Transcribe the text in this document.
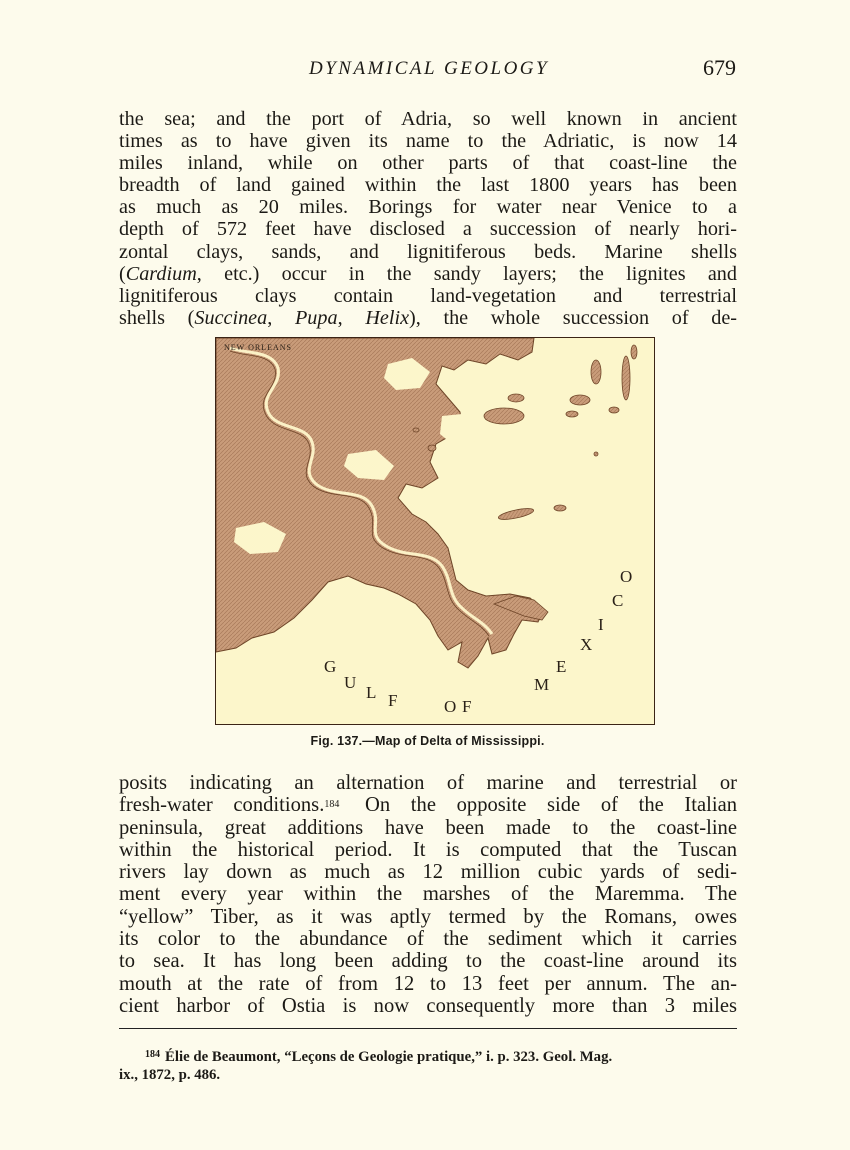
DYNAMICAL GEOLOGY	679
the sea; and the port of Adria, so well known in ancient
times as to have given its name to the Adriatic, is now 14
miles inland, while on other parts of that coast-line the
breadth of land gained within the last 1800 years has been
as much as 20 miles. Borings for water near Venice to a
depth of 572 feet have disclosed a succession of nearly hori-
zontal clays, sands, and lignitiferous beds. Marine shells
(Cardium, etc.) occur in the sandy layers; the lignites and
lignitiferous clays contain land-vegetation and terrestrial
shells (Succinea, Pupa, Helix), the whole succession of de-
NEW ORLEANS
G
U
L F	O F
M
E
X
I
C
O
Fig. 137.—Map of Delta of Mississippi.
posits indicating an alternation of marine and terrestrial or
fresh-water conditions.$^{184}$ On the opposite side of the Italian
peninsula, great additions have been made to the coast-line
within the historical period. It is computed that the Tuscan
rivers lay down as much as 12 million cubic yards of sedi-
ment every year within the marshes of the Maremma. The
“yellow” Tiber, as it was aptly termed by the Romans, owes
its color to the abundance of the sediment which it carries
to sea. It has long been adding to the coast-line around its
mouth at the rate of from 12 to 13 feet per annum. The an-
cient harbor of Ostia is now consequently more than 3 miles
$^{184}$ Élie de Beaumont, “Leçons de Geologie pratique,” i. p. 323. Geol. Mag.
ix., 1872, p. 486.
